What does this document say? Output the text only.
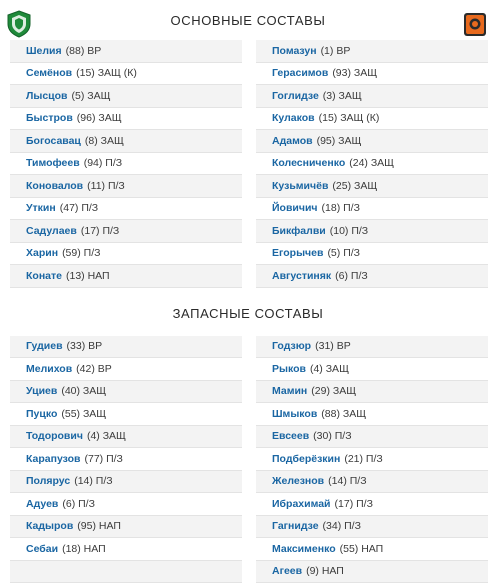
ОСНОВНЫЕ СОСТАВЫ
Шелия (88) ВР
Семёнов (15) ЗАЩ (К)
Лысцов (5) ЗАЩ
Быстров (96) ЗАЩ
Богосавац (8) ЗАЩ
Тимофеев (94) П/З
Коновалов (11) П/З
Уткин (47) П/З
Садулаев (17) П/З
Харин (59) П/З
Конате (13) НАП
Помазун (1) ВР
Герасимов (93) ЗАЩ
Гоглидзе (3) ЗАЩ
Кулаков (15) ЗАЩ (К)
Адамов (95) ЗАЩ
Колесниченко (24) ЗАЩ
Кузьмичёв (25) ЗАЩ
Йовичич (18) П/З
Бикфалви (10) П/З
Егорычев (5) П/З
Августиняк (6) П/З
ЗАПАСНЫЕ СОСТАВЫ
Гудиев (33) ВР
Мелихов (42) ВР
Уциев (40) ЗАЩ
Пуцко (55) ЗАЩ
Тодорович (4) ЗАЩ
Карапузов (77) П/З
Полярус (14) П/З
Адуев (6) П/З
Кадыров (95) НАП
Себаи (18) НАП
Годзюр (31) ВР
Рыков (4) ЗАЩ
Мамин (29) ЗАЩ
Шмыков (88) ЗАЩ
Евсеев (30) П/З
Подберёзкин (21) П/З
Железнов (14) П/З
Ибрахимай (17) П/З
Гагнидзе (34) П/З
Максименко (55) НАП
Агеев (9) НАП
